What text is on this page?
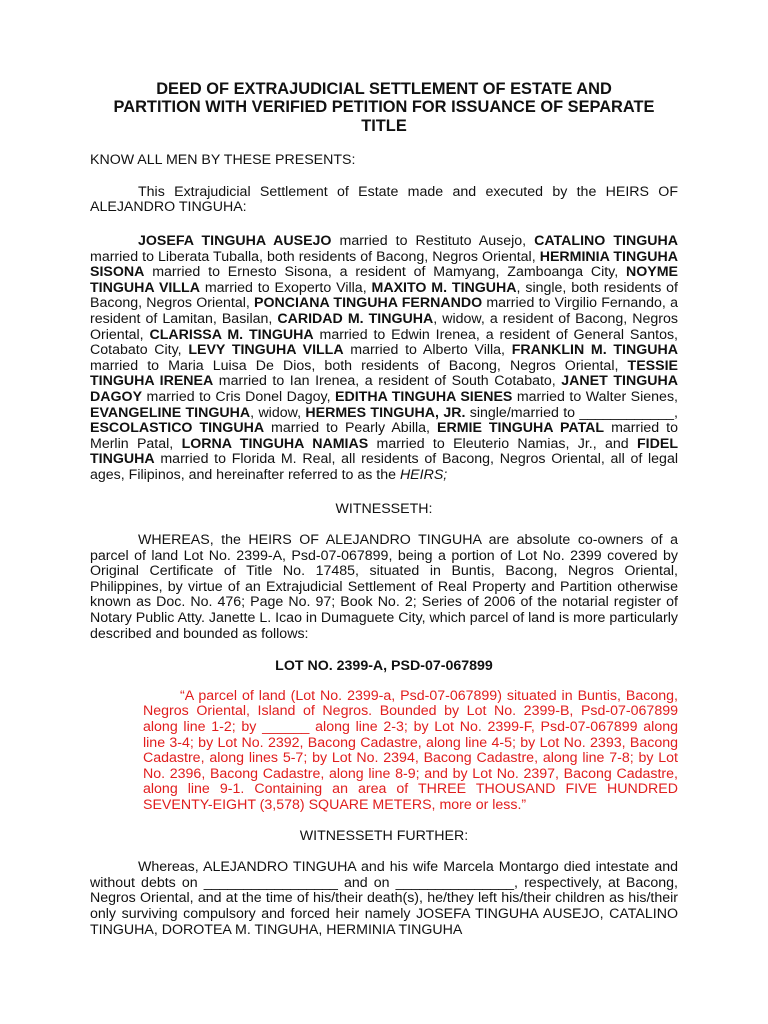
DEED OF EXTRAJUDICIAL SETTLEMENT OF ESTATE AND
PARTITION WITH VERIFIED PETITION FOR ISSUANCE OF SEPARATE
TITLE
KNOW ALL MEN BY THESE PRESENTS:
This Extrajudicial Settlement of Estate made and executed by the HEIRS OF ALEJANDRO TINGUHA:
JOSEFA TINGUHA AUSEJO married to Restituto Ausejo, CATALINO TINGUHA married to Liberata Tuballa, both residents of Bacong, Negros Oriental, HERMINIA TINGUHA SISONA married to Ernesto Sisona, a resident of Mamyang, Zamboanga City, NOYME TINGUHA VILLA married to Exoperto Villa, MAXITO M. TINGUHA, single, both residents of Bacong, Negros Oriental, PONCIANA TINGUHA FERNANDO married to Virgilio Fernando, a resident of Lamitan, Basilan, CARIDAD M. TINGUHA, widow, a resident of Bacong, Negros Oriental, CLARISSA M. TINGUHA married to Edwin Irenea, a resident of General Santos, Cotabato City, LEVY TINGUHA VILLA married to Alberto Villa, FRANKLIN M. TINGUHA married to Maria Luisa De Dios, both residents of Bacong, Negros Oriental, TESSIE TINGUHA IRENEA married to Ian Irenea, a resident of South Cotabato, JANET TINGUHA DAGOY married to Cris Donel Dagoy, EDITHA TINGUHA SIENES married to Walter Sienes, EVANGELINE TINGUHA, widow, HERMES TINGUHA, JR. single/married to ____________, ESCOLASTICO TINGUHA married to Pearly Abilla, ERMIE TINGUHA PATAL married to Merlin Patal, LORNA TINGUHA NAMIAS married to Eleuterio Namias, Jr., and FIDEL TINGUHA married to Florida M. Real, all residents of Bacong, Negros Oriental, all of legal ages, Filipinos, and hereinafter referred to as the HEIRS;
WITNESSETH:
WHEREAS, the HEIRS OF ALEJANDRO TINGUHA are absolute co-owners of a parcel of land Lot No. 2399-A, Psd-07-067899, being a portion of Lot No. 2399 covered by Original Certificate of Title No. 17485, situated in Buntis, Bacong, Negros Oriental, Philippines, by virtue of an Extrajudicial Settlement of Real Property and Partition otherwise known as Doc. No. 476; Page No. 97; Book No. 2; Series of 2006 of the notarial register of Notary Public Atty. Janette L. Icao in Dumaguete City, which parcel of land is more particularly described and bounded as follows:
LOT NO. 2399-A, PSD-07-067899
“A parcel of land (Lot No. 2399-a, Psd-07-067899) situated in Buntis, Bacong, Negros Oriental, Island of Negros. Bounded by Lot No. 2399-B, Psd-07-067899 along line 1-2; by ______ along line 2-3; by Lot No. 2399-F, Psd-07-067899 along line 3-4; by Lot No. 2392, Bacong Cadastre, along line 4-5; by Lot No. 2393, Bacong Cadastre, along lines 5-7; by Lot No. 2394, Bacong Cadastre, along line 7-8; by Lot No. 2396, Bacong Cadastre, along line 8-9; and by Lot No. 2397, Bacong Cadastre, along line 9-1. Containing an area of THREE THOUSAND FIVE HUNDRED SEVENTY-EIGHT (3,578) SQUARE METERS, more or less.”
WITNESSETH FURTHER:
Whereas, ALEJANDRO TINGUHA and his wife Marcela Montargo died intestate and without debts on _________________ and on _______________, respectively, at Bacong, Negros Oriental, and at the time of his/their death(s), he/they left his/their children as his/their only surviving compulsory and forced heir namely JOSEFA TINGUHA AUSEJO, CATALINO TINGUHA, DOROTEA M. TINGUHA, HERMINIA TINGUHA
